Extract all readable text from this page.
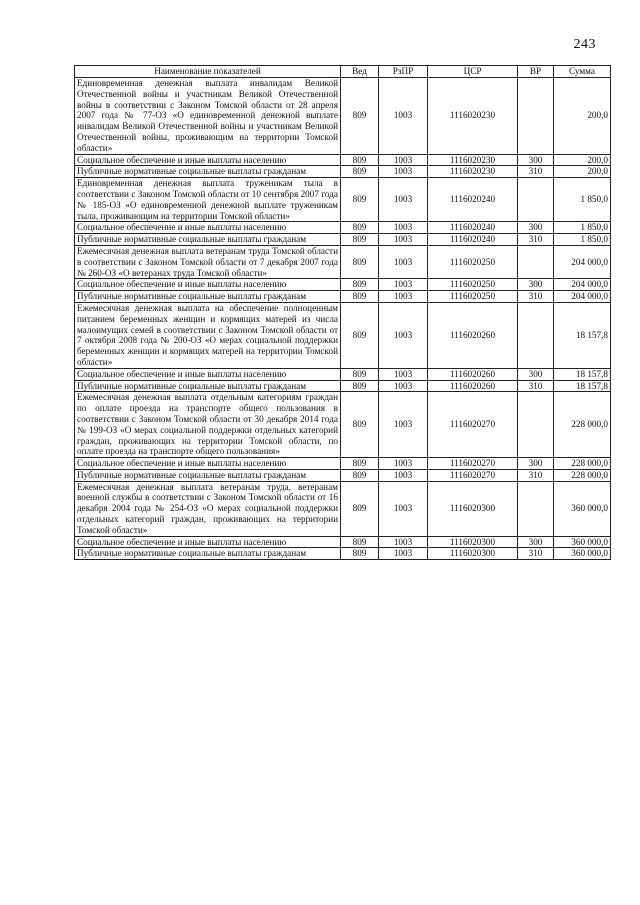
243
Наименование показателей	Вед	РзПР	ЦСР	ВР	Сумма
Единовременная денежная выплата инвалидам Великой Отечественной войны и участникам Великой Отечественной войны в соответствии с Законом Томской области от 28 апреля 2007 года № 77-ОЗ «О единовременной денежной выплате инвалидам Великой Отечественной войны и участникам Великой Отечественной войны, проживающим на территории Томской области»	809	1003	1116020230		200,0
Социальное обеспечение и иные выплаты населению	809	1003	1116020230	300	200,0
Публичные нормативные социальные выплаты гражданам	809	1003	1116020230	310	200,0
Единовременная денежная выплата труженикам тыла в соответствии с Законом Томской области от 10 сентября 2007 года № 185-ОЗ «О единовременной денежной выплате труженикам тыла, проживающим на территории Томской области»	809	1003	1116020240		1 850,0
Социальное обеспечение и иные выплаты населению	809	1003	1116020240	300	1 850,0
Публичные нормативные социальные выплаты гражданам	809	1003	1116020240	310	1 850,0
Ежемесячная денежная выплата ветеранам труда Томской области в соответствии с Законом Томской области от 7 декабря 2007 года № 260-ОЗ «О ветеранах труда Томской области»	809	1003	1116020250		204 000,0
Социальное обеспечение и иные выплаты населению	809	1003	1116020250	300	204 000,0
Публичные нормативные социальные выплаты гражданам	809	1003	1116020250	310	204 000,0
Ежемесячная денежная выплата на обеспечение полноценным питанием беременных женщин и кормящих матерей из числа малоимущих семей в соответствии с Законом Томской области от 7 октября 2008 года № 200-ОЗ «О мерах социальной поддержки беременных женщин и кормящих матерей на территории Томской области»	809	1003	1116020260		18 157,8
Социальное обеспечение и иные выплаты населению	809	1003	1116020260	300	18 157,8
Публичные нормативные социальные выплаты гражданам	809	1003	1116020260	310	18 157,8
Ежемесячная денежная выплата отдельным категориям граждан по оплате проезда на транспорте общего пользования в соответствии с Законом Томской области от 30 декабря 2014 года № 199-ОЗ «О мерах социальной поддержки отдельных категорий граждан, проживающих на территории Томской области, по оплате проезда на транспорте общего пользования»	809	1003	1116020270		228 000,0
Социальное обеспечение и иные выплаты населению	809	1003	1116020270	300	228 000,0
Публичные нормативные социальные выплаты гражданам	809	1003	1116020270	310	228 000,0
Ежемесячная денежная выплата ветеранам труда, ветеранам военной службы в соответствии с Законом Томской области от 16 декабря 2004 года № 254-ОЗ «О мерах социальной поддержки отдельных категорий граждан, проживающих на территории Томской области»	809	1003	1116020300		360 000,0
Социальное обеспечение и иные выплаты населению	809	1003	1116020300	300	360 000,0
Публичные нормативные социальные выплаты гражданам	809	1003	1116020300	310	360 000,0
